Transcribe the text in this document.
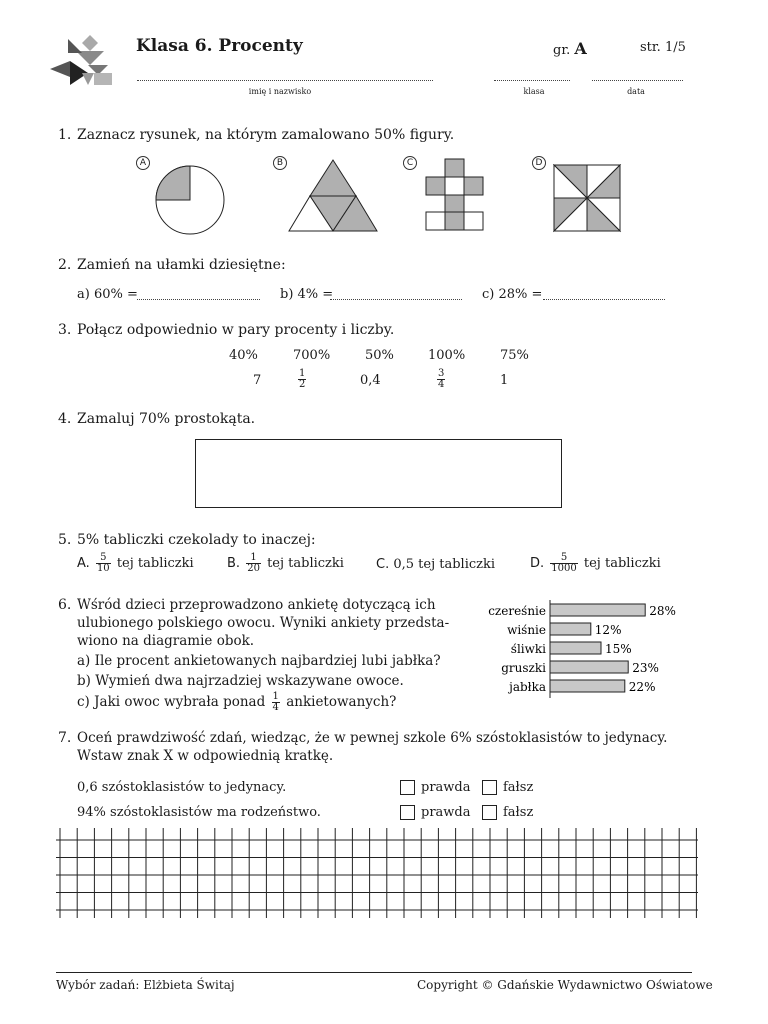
Klasa 6. Procenty	gr. A	str. 1/5
imię i nazwisko	klasa	data
1. Zaznacz rysunek, na którym zamalowano 50% figury.
A	B	C	D
2. Zamień na ułamki dziesiętne:
a) 60% =	b) 4% =	c) 28% =
3. Połącz odpowiednio w pary procenty i liczby.
40%	700%	50%	100%	75%
7	$\frac{1}{2}$	0,4	$\frac{3}{4}$	1
4. Zamaluj 70% prostokąta.
5. 5% tabliczki czekolady to inaczej:
A. $\frac{5}{10}$ tej tabliczki	B. $\frac{1}{20}$ tej tabliczki C. 0,5 tej tabliczki	D. $\frac{5}{1000}$ tej tabliczki
6. Wśród dzieci przeprowadzono ankietę dotyczącą ich
ulubionego polskiego owocu. Wyniki ankiety przedsta-
wiono na diagramie obok.
a) Ile procent ankietowanych najbardziej lubi jabłka?
b) Wymień dwa najrzadziej wskazywane owoce.
c) Jaki owoc wybrała ponad $\frac{1}{4}$ ankietowanych?
czereśnie	28%
wiśnie	12%
śliwki	15%
gruszki	23%
jabłka	22%
7. Oceń prawdziwość zdań, wiedząc, że w pewnej szkole 6% szóstoklasistów to jedynacy.
Wstaw znak X w odpowiednią kratkę.
0,6 szóstoklasistów to jedynacy.	prawda	fałsz
94% szóstoklasistów ma rodzeństwo.	prawda	fałsz
Wybór zadań: Elżbieta Świtaj	Copyright © Gdańskie Wydawnictwo Oświatowe
